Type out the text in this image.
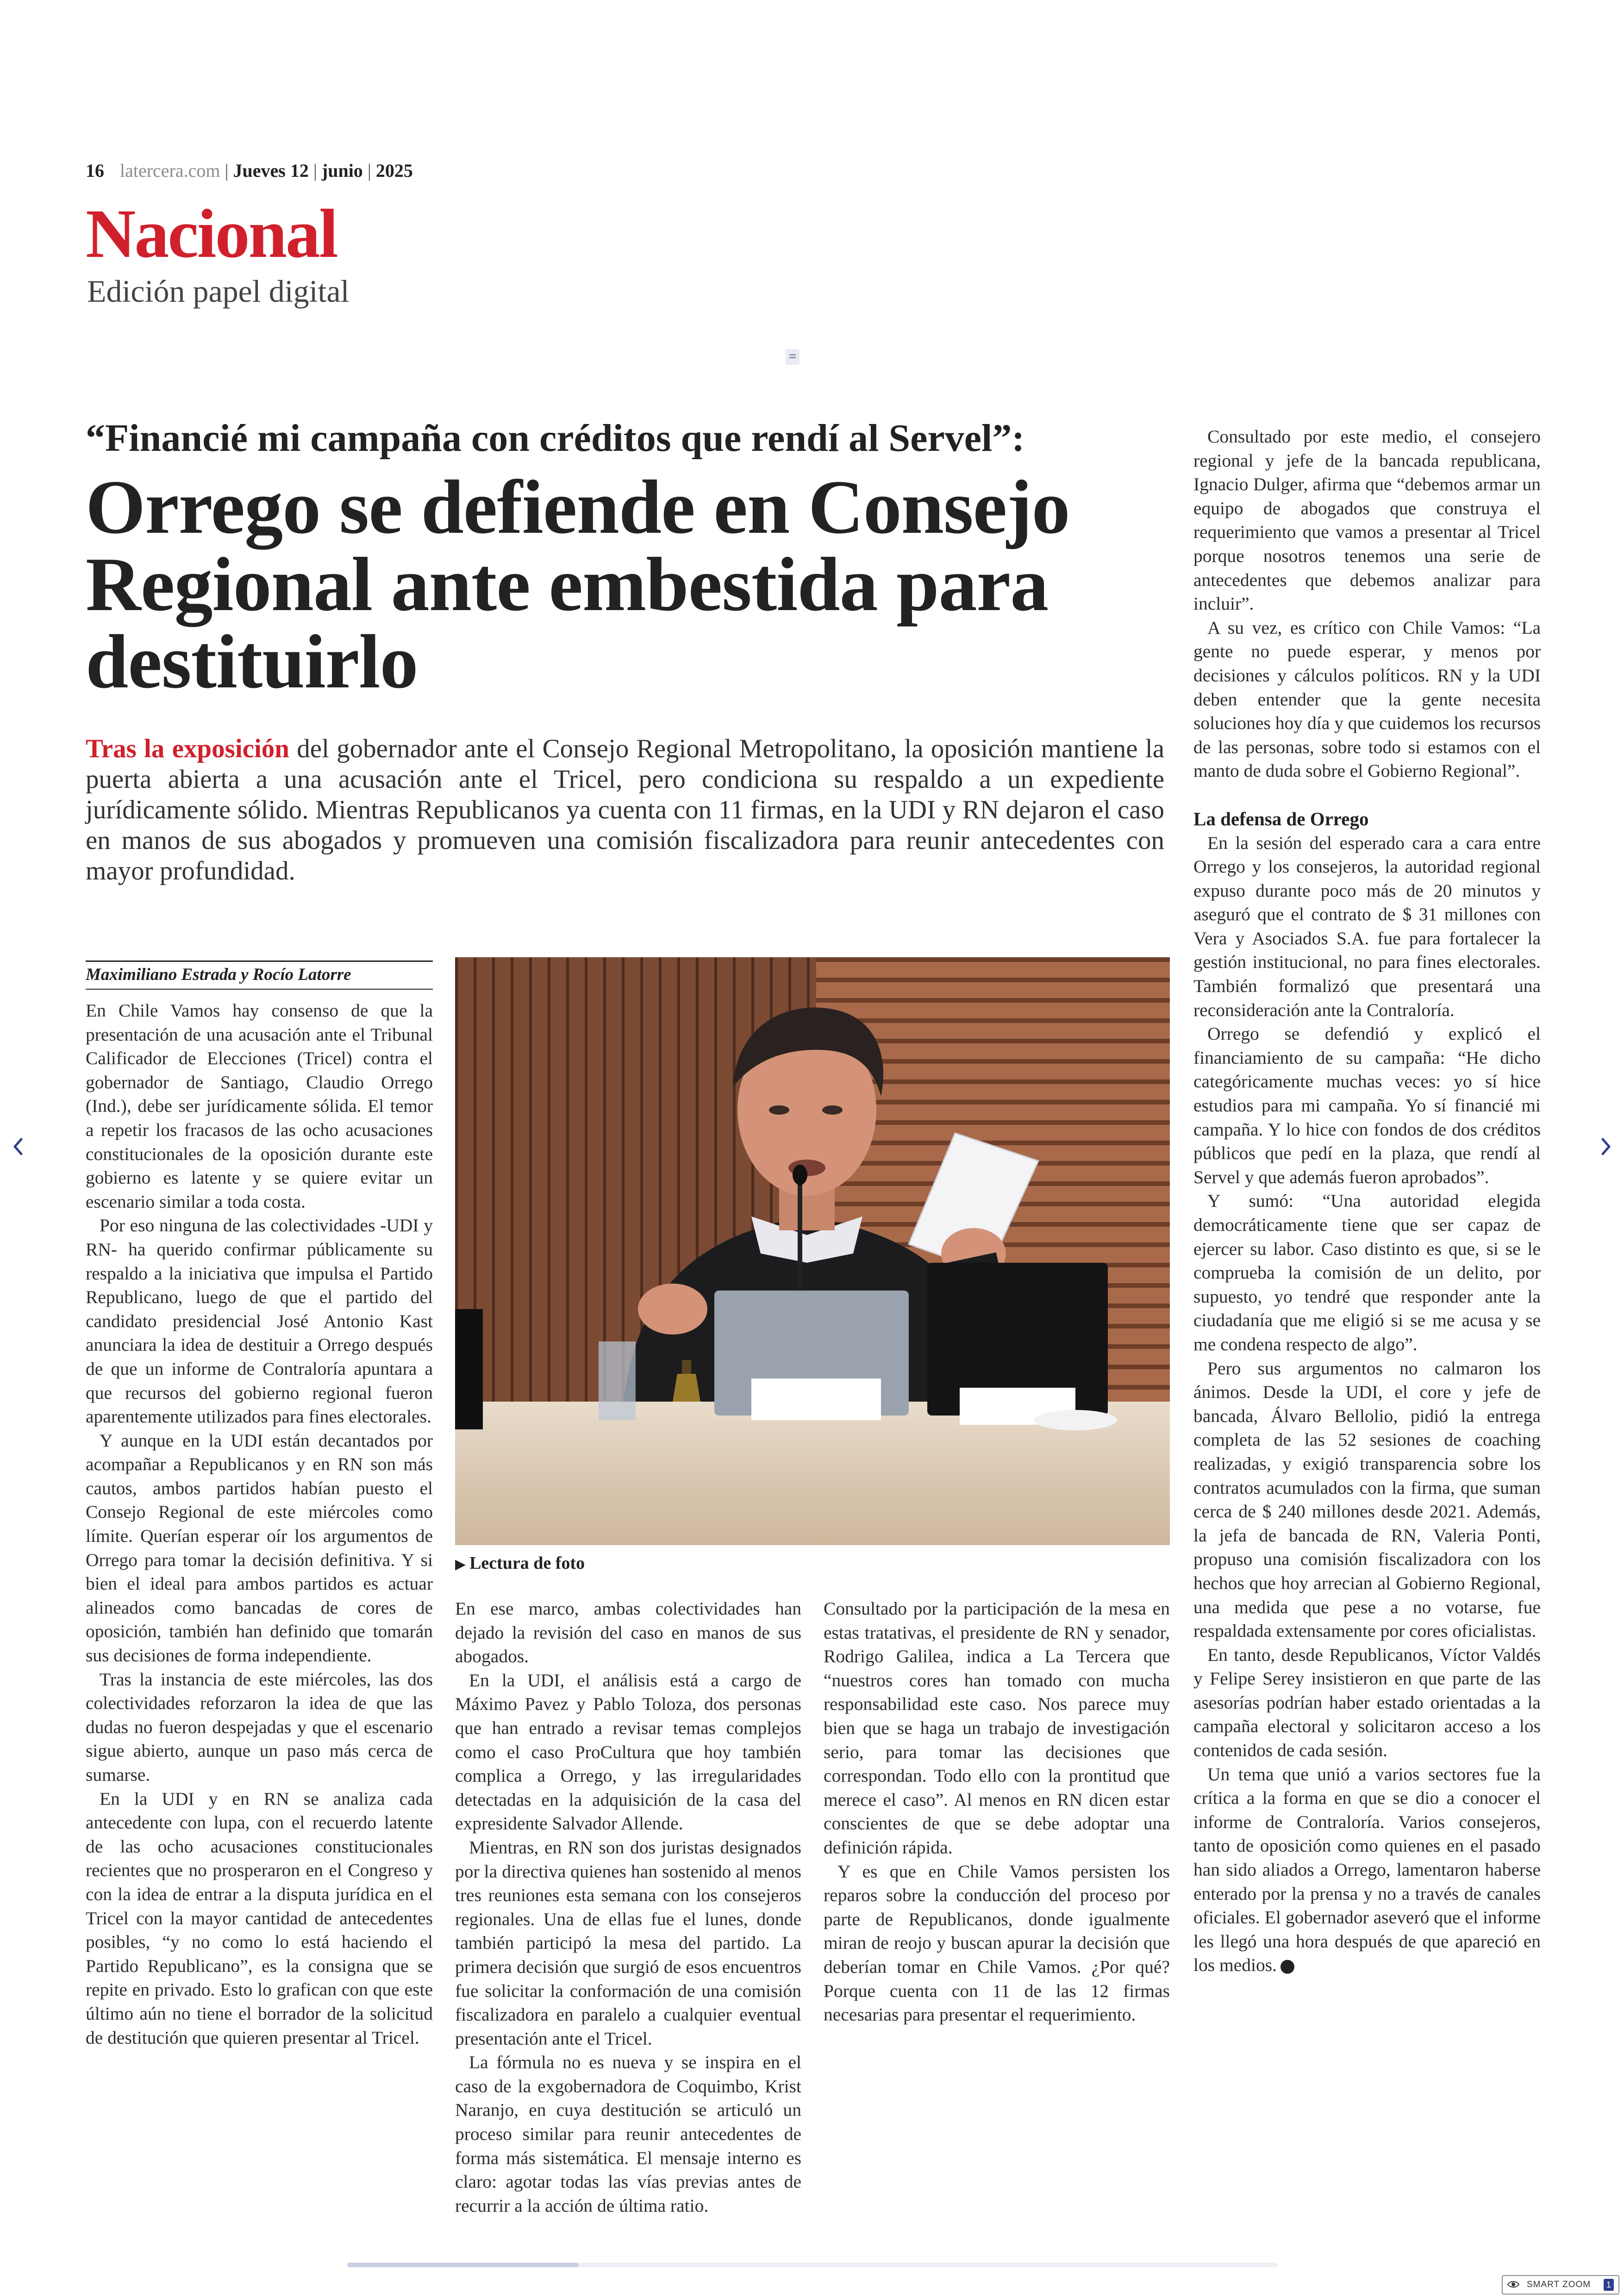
16 latercera.com | Jueves 12 | junio | 2025
Nacional
Edición papel digital
“Financié mi campaña con créditos que rendí al Servel”:
Orrego se defiende en Consejo Regional ante embestida para destituirlo
Tras la exposición del gobernador ante el Consejo Regional Metropolitano, la oposición mantiene la puerta abierta a una acusación ante el Tricel, pero condiciona su respaldo a un expediente jurídicamente sólido. Mientras Republicanos ya cuenta con 11 firmas, en la UDI y RN dejaron el caso en manos de sus abogados y promueven una comisión fiscalizadora para reunir antecedentes con mayor profundidad.
Maximiliano Estrada y Rocío Latorre

En Chile Vamos hay consenso de que la presentación de una acusación ante el Tribunal Calificador de Elecciones (Tricel) contra el gobernador de Santiago, Claudio Orrego (Ind.), debe ser jurídicamente sólida. El temor a repetir los fracasos de las ocho acusaciones constitucionales de la oposición durante este gobierno es latente y se quiere evitar un escenario similar a toda costa.

Por eso ninguna de las colectividades -UDI y RN- ha querido confirmar públicamente su respaldo a la iniciativa que impulsa el Partido Republicano, luego de que el partido del candidato presidencial José Antonio Kast anunciara la idea de destituir a Orrego después de que un informe de Contraloría apuntara a que recursos del gobierno regional fueron aparentemente utilizados para fines electorales.

Y aunque en la UDI están decantados por acompañar a Republicanos y en RN son más cautos, ambos partidos habían puesto el Consejo Regional de este miércoles como límite. Querían esperar oír los argumentos de Orrego para tomar la decisión definitiva. Y si bien el ideal para ambos partidos es actuar alineados como bancadas de cores de oposición, también han definido que tomarán sus decisiones de forma independiente.

Tras la instancia de este miércoles, las dos colectividades reforzaron la idea de que las dudas no fueron despejadas y que el escenario sigue abierto, aunque un paso más cerca de sumarse.

En la UDI y en RN se analiza cada antecedente con lupa, con el recuerdo latente de las ocho acusaciones constitucionales recientes que no prosperaron en el Congreso y con la idea de entrar a la disputa jurídica en el Tricel con la mayor cantidad de antecedentes posibles, “y no como lo está haciendo el Partido Republicano”, es la consigna que se repite en privado. Esto lo grafican con que este último aún no tiene el borrador de la solicitud de destitución que quieren presentar al Tricel.

▶ Lectura de foto

En ese marco, ambas colectividades han dejado la revisión del caso en manos de sus abogados.

En la UDI, el análisis está a cargo de Máximo Pavez y Pablo Toloza, dos personas que han entrado a revisar temas complejos como el caso ProCultura que hoy también complica a Orrego, y las irregularidades detectadas en la adquisición de la casa del expresidente Salvador Allende.

Mientras, en RN son dos juristas designados por la directiva quienes han sostenido al menos tres reuniones esta semana con los consejeros regionales. Una de ellas fue el lunes, donde también participó la mesa del partido. La primera decisión que surgió de esos encuentros fue solicitar la conformación de una comisión fiscalizadora en paralelo a cualquier eventual presentación ante el Tricel.

La fórmula no es nueva y se inspira en el caso de la exgobernadora de Coquimbo, Krist Naranjo, en cuya destitución se articuló un proceso similar para reunir antecedentes de forma más sistemática. El mensaje interno es claro: agotar todas las vías previas antes de recurrir a la acción de última ratio.

Consultado por la participación de la mesa en estas tratativas, el presidente de RN y senador, Rodrigo Galilea, indica a La Tercera que “nuestros cores han tomado con mucha responsabilidad este caso. Nos parece muy bien que se haga un trabajo de investigación serio, para tomar las decisiones que correspondan. Todo ello con la prontitud que merece el caso”. Al menos en RN dicen estar conscientes de que se debe adoptar una definición rápida.

Y es que en Chile Vamos persisten los reparos sobre la conducción del proceso por parte de Republicanos, donde igualmente miran de reojo y buscan apurar la decisión que deberían tomar en Chile Vamos. ¿Por qué? Porque cuenta con 11 de las 12 firmas necesarias para presentar el requerimiento.

Consultado por este medio, el consejero regional y jefe de la bancada republicana, Ignacio Dulger, afirma que “debemos armar un equipo de abogados que construya el requerimiento que vamos a presentar al Tricel porque nosotros tenemos una serie de antecedentes que debemos analizar para incluir”.

A su vez, es crítico con Chile Vamos: “La gente no puede esperar, y menos por decisiones y cálculos políticos. RN y la UDI deben entender que la gente necesita soluciones hoy día y que cuidemos los recursos de las personas, sobre todo si estamos con el manto de duda sobre el Gobierno Regional”.

La defensa de Orrego

En la sesión del esperado cara a cara entre Orrego y los consejeros, la autoridad regional expuso durante poco más de 20 minutos y aseguró que el contrato de $ 31 millones con Vera y Asociados S.A. fue para fortalecer la gestión institucional, no para fines electorales. También formalizó que presentará una reconsideración ante la Contraloría.

Orrego se defendió y explicó el financiamiento de su campaña: “He dicho categóricamente muchas veces: yo sí hice estudios para mi campaña. Yo sí financié mi campaña. Y lo hice con fondos de dos créditos públicos que pedí en la plaza, que rendí al Servel y que además fueron aprobados”.

Y sumó: “Una autoridad elegida democráticamente tiene que ser capaz de ejercer su labor. Caso distinto es que, si se le comprueba la comisión de un delito, por supuesto, yo tendré que responder ante la ciudadanía que me eligió si se me acusa y se me condena respecto de algo”.

Pero sus argumentos no calmaron los ánimos. Desde la UDI, el core y jefe de bancada, Álvaro Bellolio, pidió la entrega completa de las 52 sesiones de coaching realizadas, y exigió transparencia sobre los contratos acumulados con la firma, que suman cerca de $ 240 millones desde 2021. Además, la jefa de bancada de RN, Valeria Ponti, propuso una comisión fiscalizadora con los hechos que hoy arrecian al Gobierno Regional, una medida que pese a no votarse, fue respaldada extensamente por cores oficialistas.

En tanto, desde Republicanos, Víctor Valdés y Felipe Serey insistieron en que parte de las asesorías podrían haber estado orientadas a la campaña electoral y solicitaron acceso a los contenidos de cada sesión.

Un tema que unió a varios sectores fue la crítica a la forma en que se dio a conocer el informe de Contraloría. Varios consejeros, tanto de oposición como quienes en el pasado han sido aliados a Orrego, lamentaron haberse enterado por la prensa y no a través de canales oficiales. El gobernador aseveró que el informe les llegó una hora después de que apareció en los medios.

SMART ZOOM	1
